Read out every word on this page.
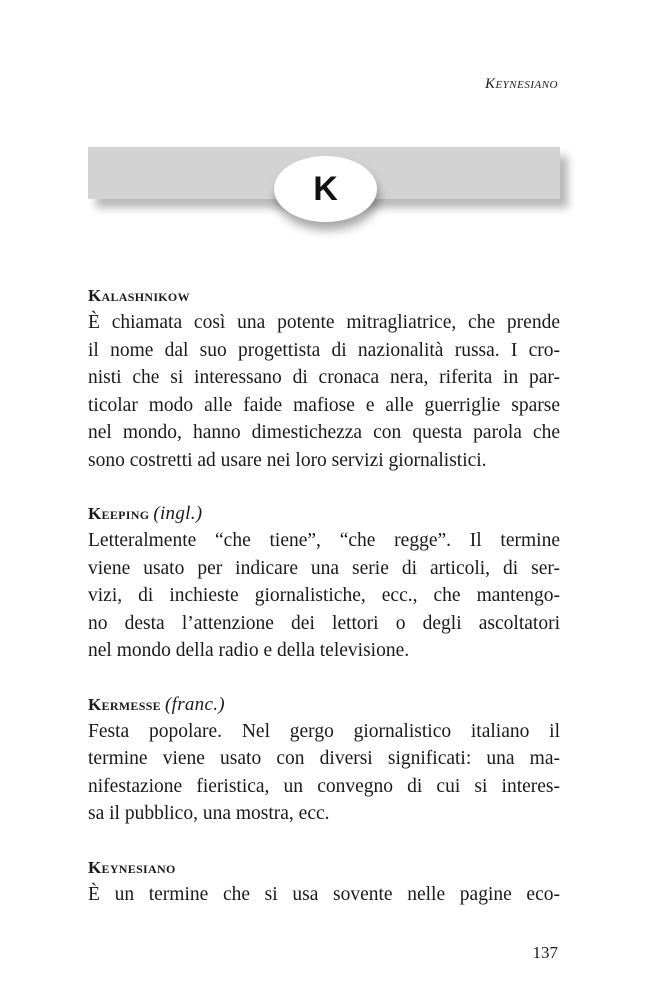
Keynesiano
K
Kalashnikow
È chiamata così una potente mitragliatrice, che prende
il nome dal suo progettista di nazionalità russa. I cro-
nisti che si interessano di cronaca nera, riferita in par-
ticolar modo alle faide mafiose e alle guerriglie sparse
nel mondo, hanno dimestichezza con questa parola che
sono costretti ad usare nei loro servizi giornalistici.
Keeping (ingl.)
Letteralmente “che tiene”, “che regge”. Il termine
viene usato per indicare una serie di articoli, di ser-
vizi, di inchieste giornalistiche, ecc., che mantengo-
no desta l’attenzione dei lettori o degli ascoltatori
nel mondo della radio e della televisione.
Kermesse (franc.)
Festa popolare. Nel gergo giornalistico italiano il
termine viene usato con diversi significati: una ma-
nifestazione fieristica, un convegno di cui si interes-
sa il pubblico, una mostra, ecc.
Keynesiano
È un termine che si usa sovente nelle pagine eco-
137
